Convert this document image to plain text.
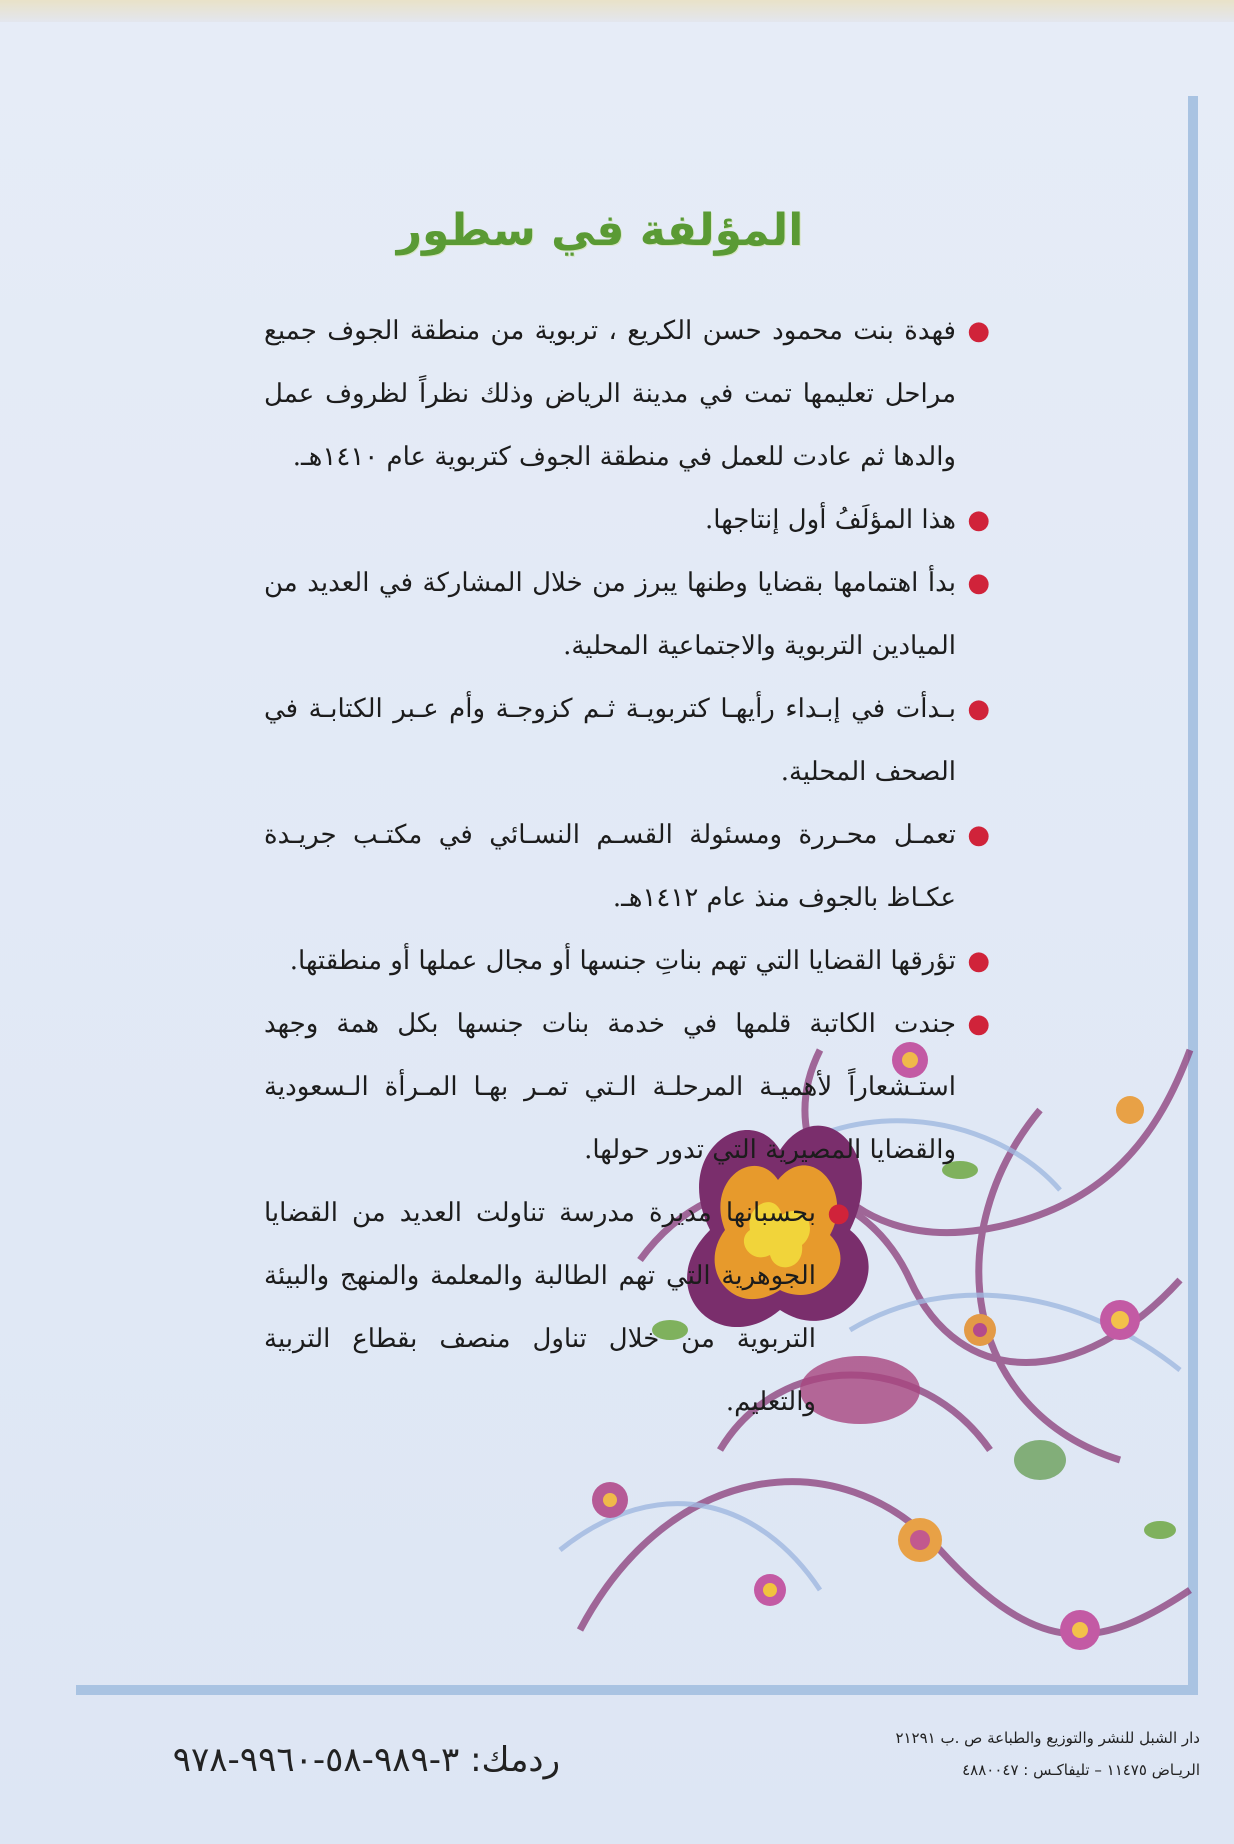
المؤلفة في سطور

●
فهدة بنت محمود حسن الكريع ، تربوية من منطقة الجوف جميع مراحل تعليمها تمت في مدينة الرياض وذلك نظراً لظروف عمل والدها ثم عادت للعمل في منطقة الجوف كتربوية عام ١٤١٠هـ.

●
هذا المؤلَفُ أول إنتاجها.

●
بدأ اهتمامها بقضايا وطنها يبرز من خلال المشاركة في العديد من الميادين التربوية والاجتماعية المحلية.

●
بـدأت في إبـداء رأيهـا كتربويـة ثـم كزوجـة وأم عـبر الكتابـة في الصحف المحلية.

●
تعمـل محـررة ومسئولة القسـم النسـائي في مكتـب جريـدة عكـاظ بالجوف منذ عام ١٤١٢هـ.

●
تؤرقها القضايا التي تهم بناتِ جنسها أو مجال عملها أو منطقتها.

●
جندت الكاتبة قلمها في خدمة بنات جنسها بكل همة وجهد استـشعاراً لأهميـة المرحلـة الـتي تمـر بهـا المـرأة الـسعودية والقضايا المصيرية التي تدور حولها.

●
بحسبانها مديرة مدرسة تناولت العديد من القضايا الجوهرية التي تهم الطالبة والمعلمة والمنهج والبيئة التربوية من خلال تناول منصف بقطاع التربية والتعليم.

ردمك: ٣-٩٨٩-٥٨-٩٩٦٠-٩٧٨
دار الشبل للنشر والتوزيع والطباعة ص .ب ٢١٢٩١
الريـاض ١١٤٧٥ – تليفاكـس : ٤٨٨٠٠٤٧
